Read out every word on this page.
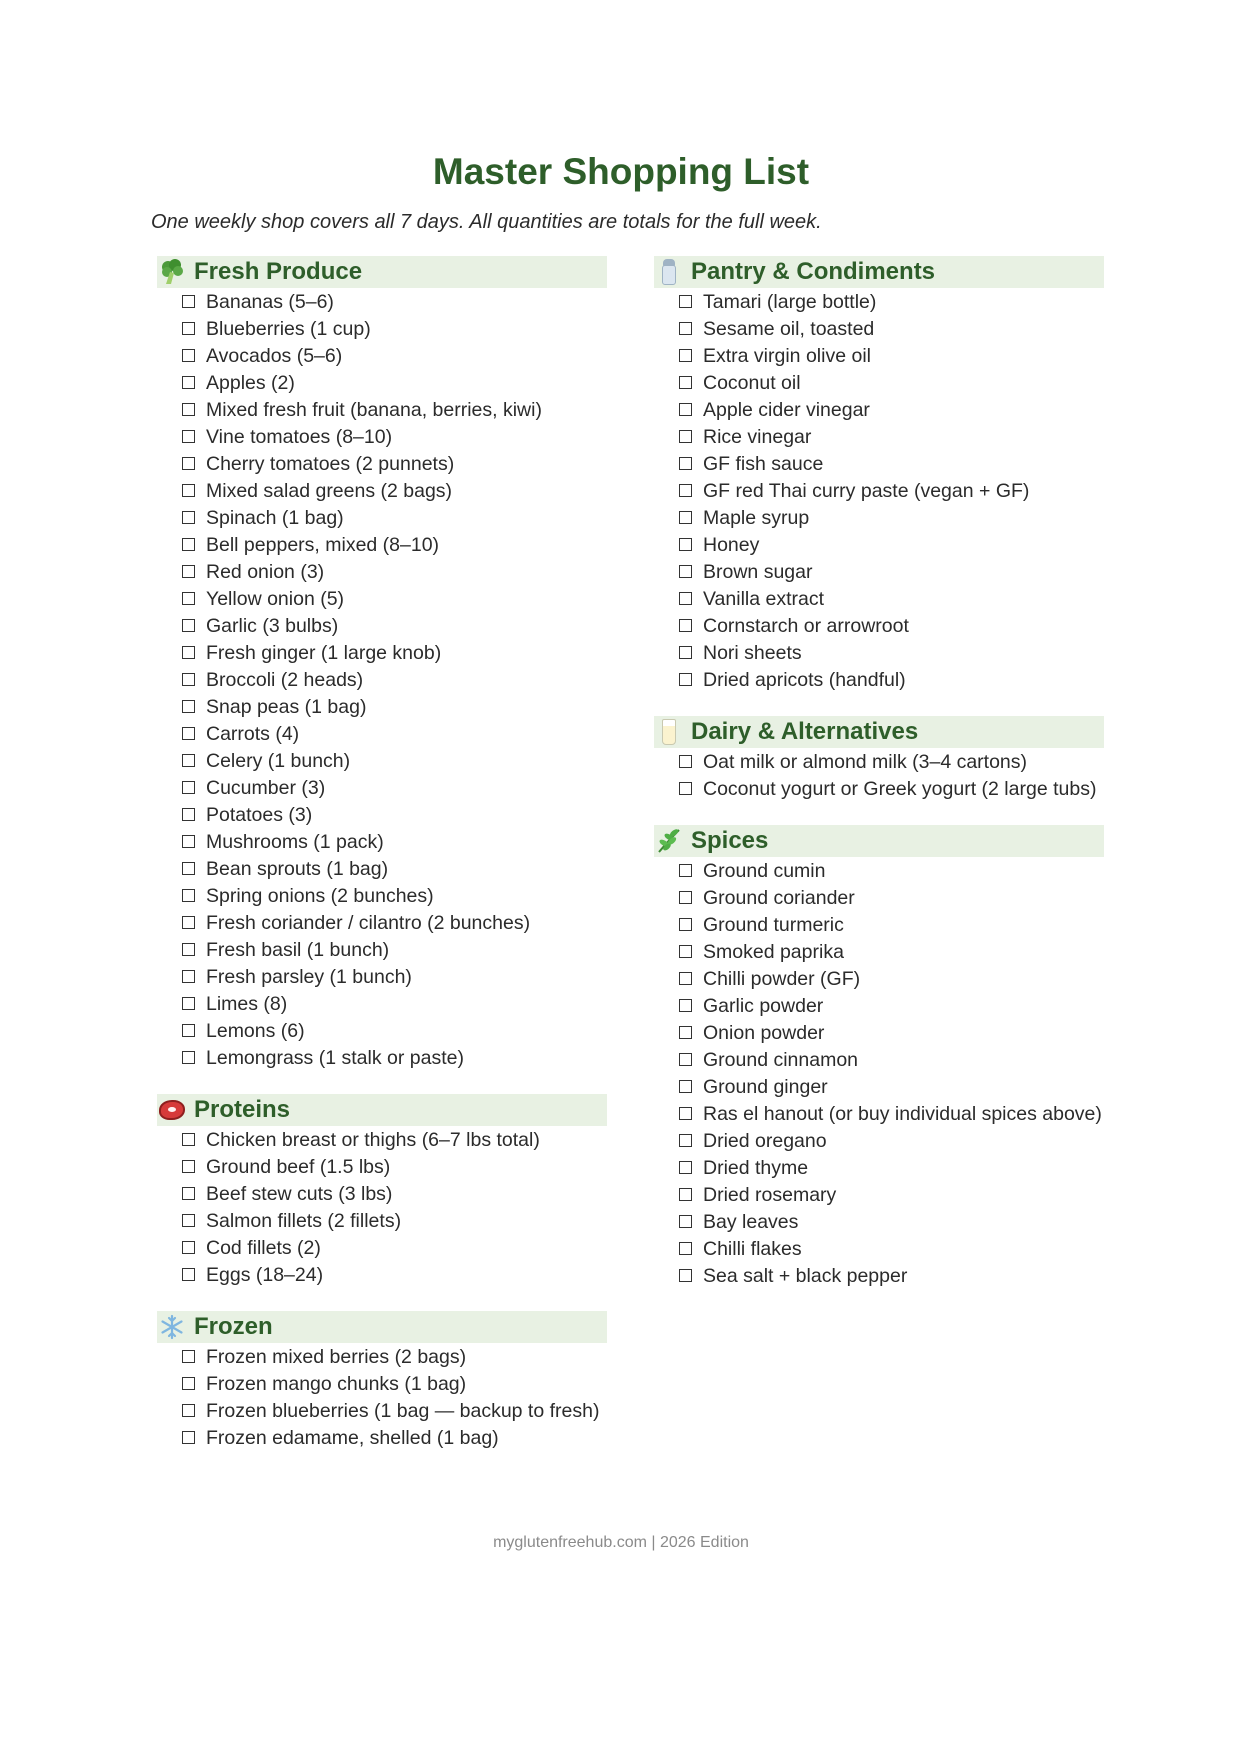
Master Shopping List

One weekly shop covers all 7 days. All quantities are totals for the full week.

Fresh Produce
Bananas (5–6)
Blueberries (1 cup)
Avocados (5–6)
Apples (2)
Mixed fresh fruit (banana, berries, kiwi)
Vine tomatoes (8–10)
Cherry tomatoes (2 punnets)
Mixed salad greens (2 bags)
Spinach (1 bag)
Bell peppers, mixed (8–10)
Red onion (3)
Yellow onion (5)
Garlic (3 bulbs)
Fresh ginger (1 large knob)
Broccoli (2 heads)
Snap peas (1 bag)
Carrots (4)
Celery (1 bunch)
Cucumber (3)
Potatoes (3)
Mushrooms (1 pack)
Bean sprouts (1 bag)
Spring onions (2 bunches)
Fresh coriander / cilantro (2 bunches)
Fresh basil (1 bunch)
Fresh parsley (1 bunch)
Limes (8)
Lemons (6)
Lemongrass (1 stalk or paste)
Proteins
Chicken breast or thighs (6–7 lbs total)
Ground beef (1.5 lbs)
Beef stew cuts (3 lbs)
Salmon fillets (2 fillets)
Cod fillets (2)
Eggs (18–24)
Frozen
Frozen mixed berries (2 bags)
Frozen mango chunks (1 bag)
Frozen blueberries (1 bag — backup to fresh)
Frozen edamame, shelled (1 bag)
Pantry & Condiments
Tamari (large bottle)
Sesame oil, toasted
Extra virgin olive oil
Coconut oil
Apple cider vinegar
Rice vinegar
GF fish sauce
GF red Thai curry paste (vegan + GF)
Maple syrup
Honey
Brown sugar
Vanilla extract
Cornstarch or arrowroot
Nori sheets
Dried apricots (handful)
Dairy & Alternatives
Oat milk or almond milk (3–4 cartons)
Coconut yogurt or Greek yogurt (2 large tubs)
Spices
Ground cumin
Ground coriander
Ground turmeric
Smoked paprika
Chilli powder (GF)
Garlic powder
Onion powder
Ground cinnamon
Ground ginger
Ras el hanout (or buy individual spices above)
Dried oregano
Dried thyme
Dried rosemary
Bay leaves
Chilli flakes
Sea salt + black pepper
myglutenfreehub.com | 2026 Edition
